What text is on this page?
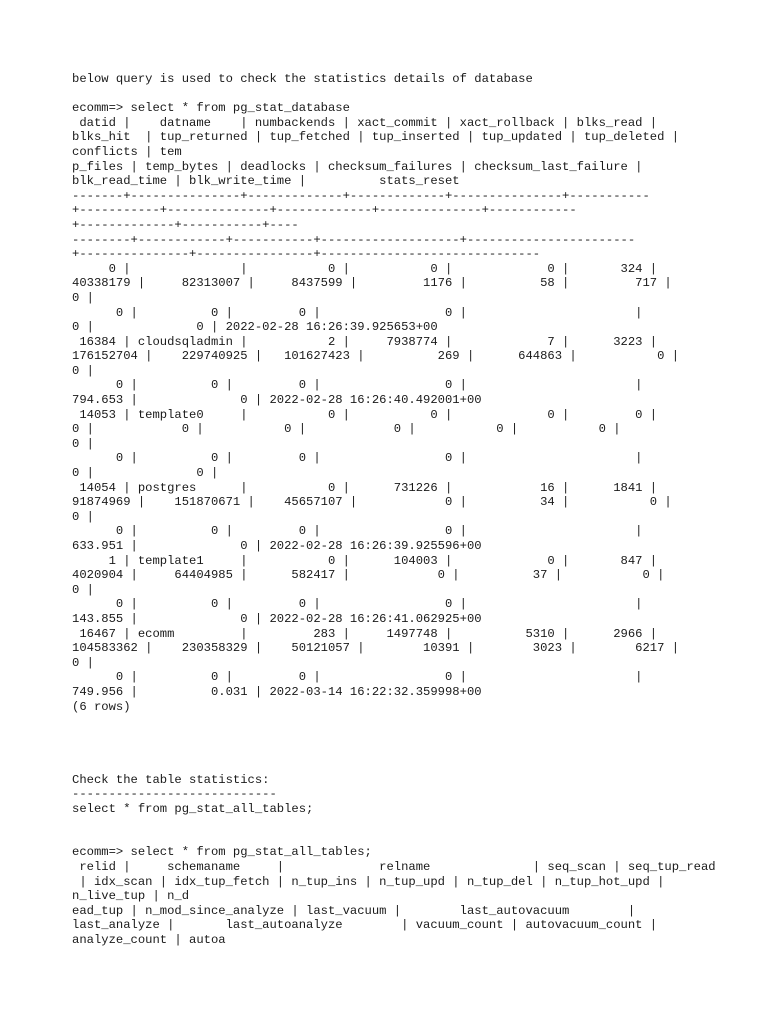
below query is used to check the statistics details of database
ecomm=> select * from pg_stat_database
datid |    datname    | numbackends | xact_commit | xact_rollback | blks_read |
blks_hit  | tup_returned | tup_fetched | tup_inserted | tup_updated | tup_deleted |
conflicts | tem
p_files | temp_bytes | deadlocks | checksum_failures | checksum_last_failure |
blk_read_time | blk_write_time |          stats_reset
-------+---------------+-------------+-------------+---------------+-----------
+-----------+--------------+-------------+--------------+------------
+-------------+-----------+----
--------+------------+-----------+-------------------+-----------------------
+---------------+----------------+------------------------------
0 |               |           0 |           0 |             0 |       324 |
40338179 |     82313007 |     8437599 |         1176 |          58 |         717 |
0 |
0 |          0 |         0 |                 0 |                       |
0 |              0 | 2022-02-28 16:26:39.925653+00
16384 | cloudsqladmin |           2 |     7938774 |             7 |      3223 |
176152704 |    229740925 |   101627423 |          269 |      644863 |           0 |
0 |
0 |          0 |         0 |                 0 |                       |
794.653 |              0 | 2022-02-28 16:26:40.492001+00
14053 | template0     |           0 |           0 |             0 |         0 |
0 |            0 |           0 |            0 |           0 |           0 |
0 |
0 |          0 |         0 |                 0 |                       |
0 |              0 |
14054 | postgres      |           0 |      731226 |            16 |      1841 |
91874969 |    151870671 |    45657107 |            0 |          34 |           0 |
0 |
0 |          0 |         0 |                 0 |                       |
633.951 |              0 | 2022-02-28 16:26:39.925596+00
1 | template1     |           0 |      104003 |             0 |       847 |
4020904 |     64404985 |      582417 |            0 |          37 |           0 |
0 |
0 |          0 |         0 |                 0 |                       |
143.855 |              0 | 2022-02-28 16:26:41.062925+00
16467 | ecomm         |         283 |     1497748 |          5310 |      2966 |
104583362 |    230358329 |    50121057 |        10391 |        3023 |        6217 |
0 |
0 |          0 |         0 |                 0 |                       |
749.956 |          0.031 | 2022-03-14 16:22:32.359998+00
(6 rows)
Check the table statistics:
----------------------------
select * from pg_stat_all_tables;
ecomm=> select * from pg_stat_all_tables;
relid |     schemaname     |             relname              | seq_scan | seq_tup_read
| idx_scan | idx_tup_fetch | n_tup_ins | n_tup_upd | n_tup_del | n_tup_hot_upd |
n_live_tup | n_d
ead_tup | n_mod_since_analyze | last_vacuum |        last_autovacuum        |
last_analyze |       last_autoanalyze        | vacuum_count | autovacuum_count |
analyze_count | autoa
